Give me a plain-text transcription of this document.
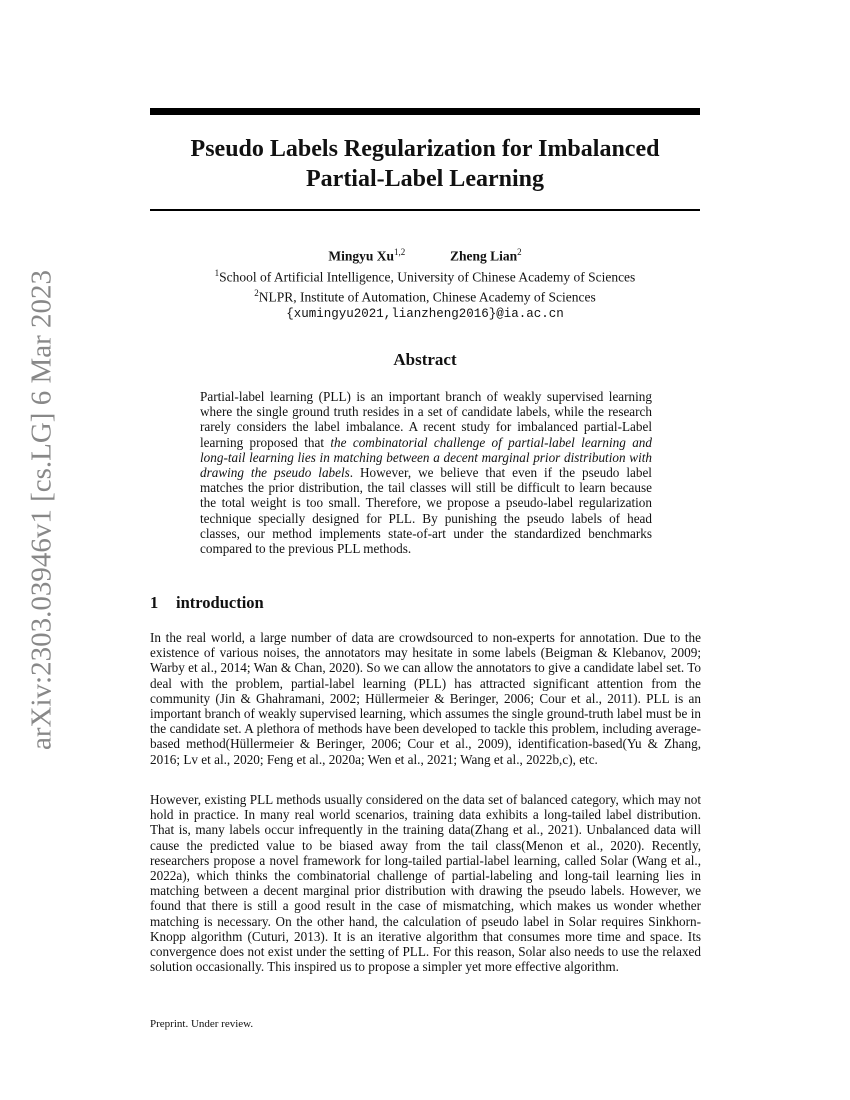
arXiv:2303.03946v1 [cs.LG] 6 Mar 2023
Pseudo Labels Regularization for Imbalanced
Partial-Label Learning
Mingyu Xu$^{1,2}$	Zheng Lian$^2$
$^1$School of Artificial Intelligence, University of Chinese Academy of Sciences
$^2$NLPR, Institute of Automation, Chinese Academy of Sciences
{xumingyu2021,lianzheng2016}@ia.ac.cn
Abstract
Partial-label learning (PLL) is an important branch of weakly supervised learning where the single ground truth resides in a set of candidate labels, while the research rarely considers the label imbalance. A recent study for imbalanced partial-Label learning proposed that the combinatorial challenge of partial-label learning and long-tail learning lies in matching between a decent marginal prior distribution with drawing the pseudo labels. However, we believe that even if the pseudo label matches the prior distribution, the tail classes will still be difficult to learn because the total weight is too small. Therefore, we propose a pseudo-label regularization technique specially designed for PLL. By punishing the pseudo labels of head classes, our method implements state-of-art under the standardized benchmarks compared to the previous PLL methods.
1 introduction
In the real world, a large number of data are crowdsourced to non-experts for annotation. Due to the existence of various noises, the annotators may hesitate in some labels (Beigman & Klebanov, 2009; Warby et al., 2014; Wan & Chan, 2020). So we can allow the annotators to give a candidate label set. To deal with the problem, partial-label learning (PLL) has attracted significant attention from the community (Jin & Ghahramani, 2002; Hüllermeier & Beringer, 2006; Cour et al., 2011). PLL is an important branch of weakly supervised learning, which assumes the single ground-truth label must be in the candidate set. A plethora of methods have been developed to tackle this problem, including average-based method(Hüllermeier & Beringer, 2006; Cour et al., 2009), identification-based(Yu & Zhang, 2016; Lv et al., 2020; Feng et al., 2020a; Wen et al., 2021; Wang et al., 2022b,c), etc.
However, existing PLL methods usually considered on the data set of balanced category, which may not hold in practice. In many real world scenarios, training data exhibits a long-tailed label distribution. That is, many labels occur infrequently in the training data(Zhang et al., 2021). Unbalanced data will cause the predicted value to be biased away from the tail class(Menon et al., 2020). Recently, researchers propose a novel framework for long-tailed partial-label learning, called Solar (Wang et al., 2022a), which thinks the combinatorial challenge of partial-labeling and long-tail learning lies in matching between a decent marginal prior distribution with drawing the pseudo labels. However, we found that there is still a good result in the case of mismatching, which makes us wonder whether matching is necessary. On the other hand, the calculation of pseudo label in Solar requires Sinkhorn-Knopp algorithm (Cuturi, 2013). It is an iterative algorithm that consumes more time and space. Its convergence does not exist under the setting of PLL. For this reason, Solar also needs to use the relaxed solution occasionally. This inspired us to propose a simpler yet more effective algorithm.
Preprint. Under review.
